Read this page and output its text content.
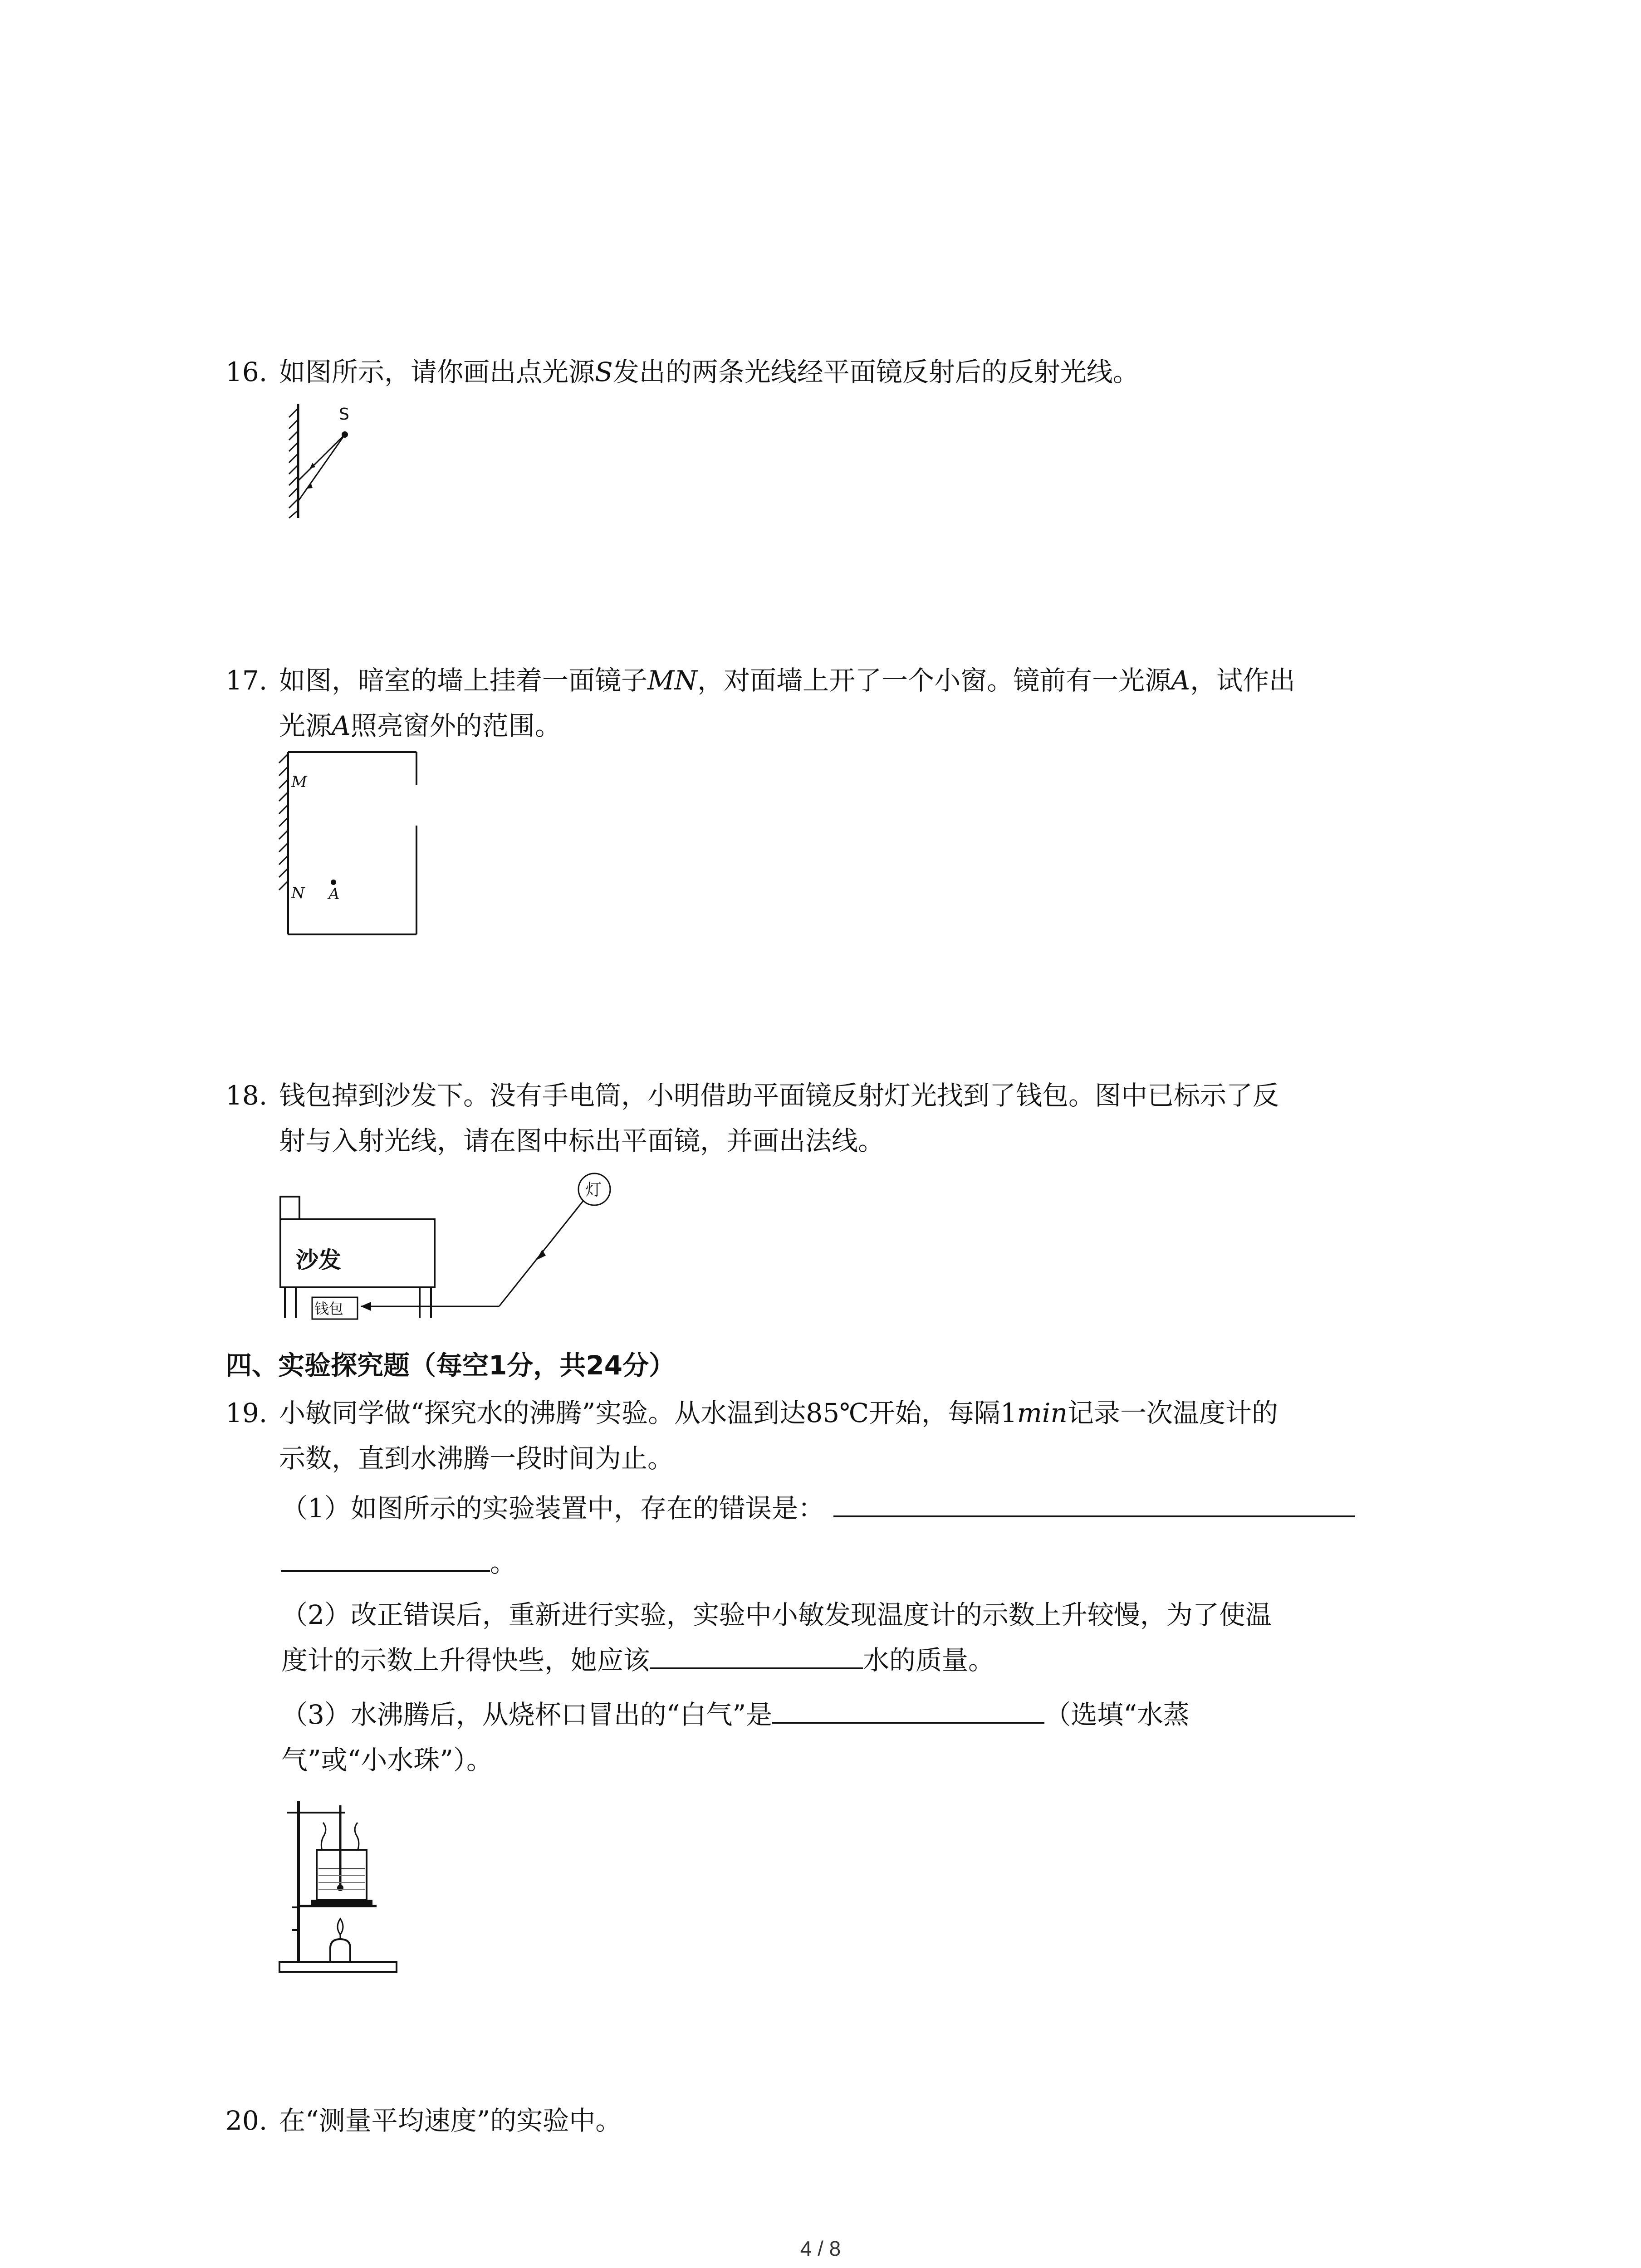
16. 如图所示，请你画出点光源S发出的两条光线经平面镜反射后的反射光线。
S
17. 如图，暗室的墙上挂着一面镜子MN，对面墙上开了一个小窗。镜前有一光源A，试作出
光源A照亮窗外的范围。
M
N A
18. 钱包掉到沙发下。没有手电筒，小明借助平面镜反射灯光找到了钱包。图中已标示了反
射与入射光线，请在图中标出平面镜，并画出法线。
沙发
钱包
灯
四、实验探究题（每空1分，共24分）
19. 小敏同学做“探究水的沸腾”实验。从水温到达85℃开始，每隔1min记录一次温度计的
示数，直到水沸腾一段时间为止。
（1）如图所示的实验装置中，存在的错误是：
。
（2）改正错误后，重新进行实验，实验中小敏发现温度计的示数上升较慢，为了使温
度计的示数上升得快些，她应该	水的质量。
（3）水沸腾后，从烧杯口冒出的“白气”是	（选填“水蒸
气”或“小水珠”）。
20. 在“测量平均速度”的实验中。
4 / 8
